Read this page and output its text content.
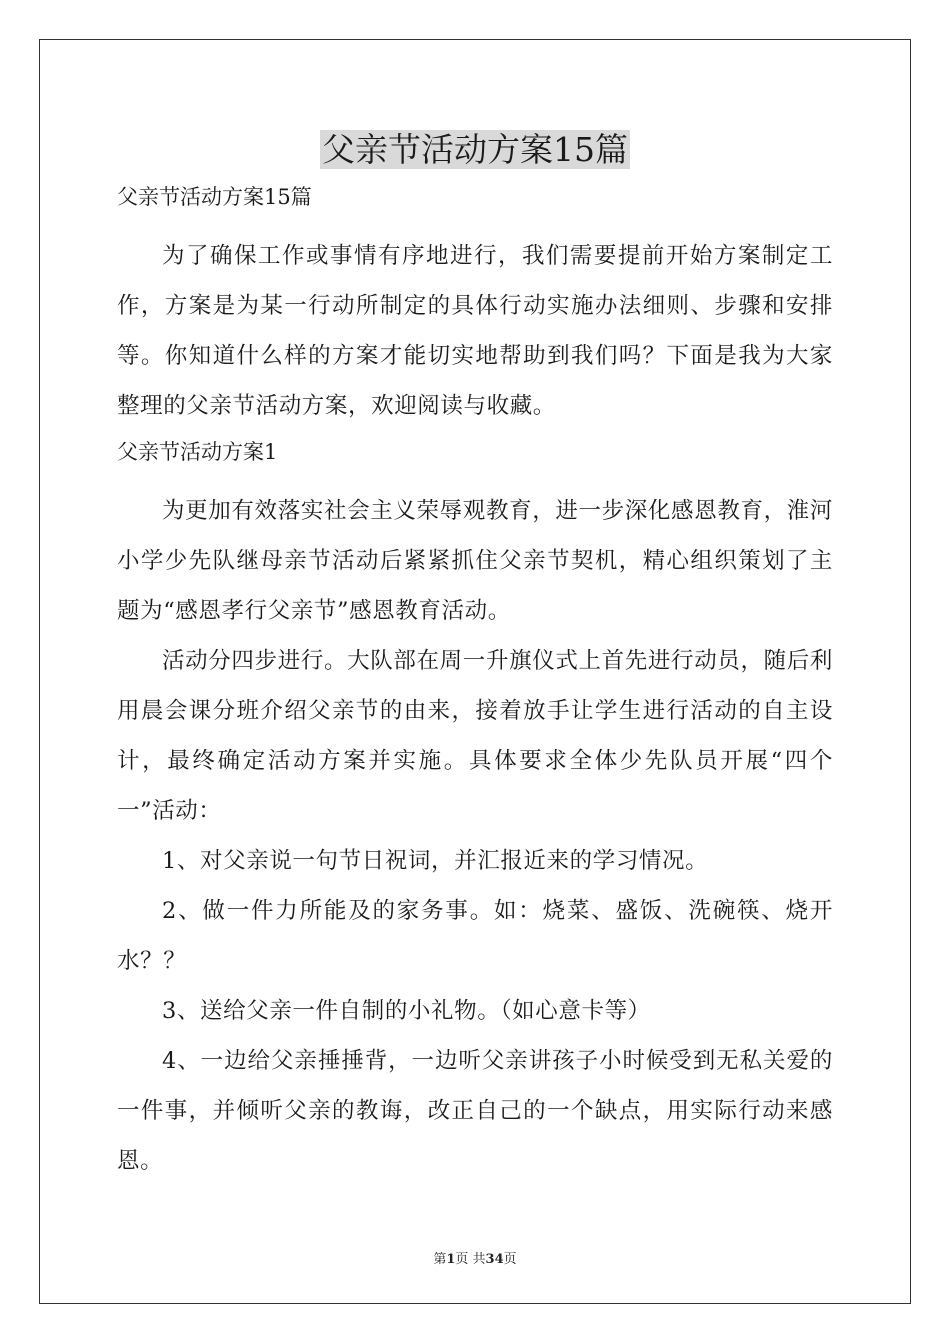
父亲节活动方案15篇
父亲节活动方案15篇

为了确保工作或事情有序地进行，我们需要提前开始方案制定工作，方案是为某一行动所制定的具体行动实施办法细则、步骤和安排等。你知道什么样的方案才能切实地帮助到我们吗？下面是我为大家整理的父亲节活动方案，欢迎阅读与收藏。

父亲节活动方案1

为更加有效落实社会主义荣辱观教育，进一步深化感恩教育，淮河小学少先队继母亲节活动后紧紧抓住父亲节契机，精心组织策划了主题为“感恩孝行父亲节”感恩教育活动。

活动分四步进行。大队部在周一升旗仪式上首先进行动员，随后利用晨会课分班介绍父亲节的由来，接着放手让学生进行活动的自主设计，最终确定活动方案并实施。具体要求全体少先队员开展“四个一”活动：

1、对父亲说一句节日祝词，并汇报近来的学习情况。

2、做一件力所能及的家务事。如：烧菜、盛饭、洗碗筷、烧开水？？

3、送给父亲一件自制的小礼物。（如心意卡等）

4、一边给父亲捶捶背，一边听父亲讲孩子小时候受到无私关爱的一件事，并倾听父亲的教诲，改正自己的一个缺点，用实际行动来感恩。

第1页 共34页
